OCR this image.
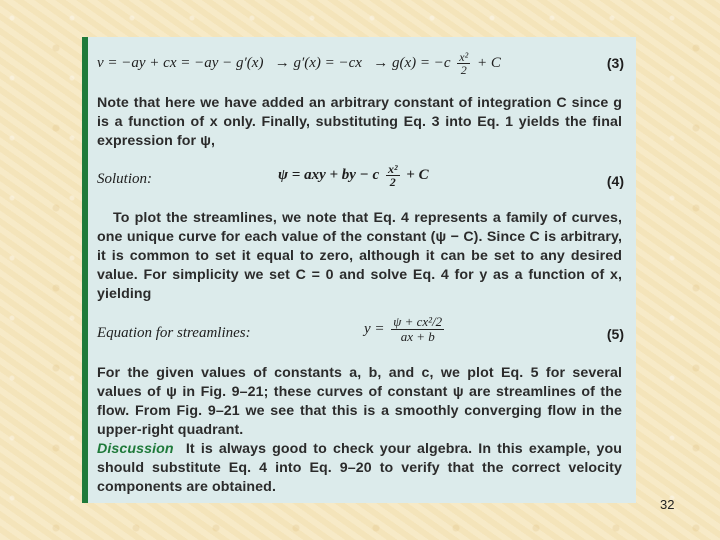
v = −ay + cx = $-ay - g'(x) \to g'(x) = -cx \to g(x) = -c \frac{\text{x²}}{2} + C$	(3)

Note that here we have added an arbitrary constant of integration C since g is a function of x only. Finally, substituting Eq. 3 into Eq. 1 yields the final expression for ψ,

Solution:	ψ = axy + by − c $\frac{\text{x²}}{2} + C$	(4)

To plot the streamlines, we note that Eq. 4 represents a family of curves, one unique curve for each value of the constant (ψ − C). Since C is arbitrary, it is common to set it equal to zero, although it can be set to any desired value. For simplicity we set C = 0 and solve Eq. 4 for y as a function of x, yielding

Equation for streamlines:	$y = \frac{\text{ψ + cx²/2}}{ax + b}$	(5)

For the given values of constants a, b, and c, we plot Eq. 5 for several values of ψ in Fig. 9–21; these curves of constant ψ are streamlines of the flow. From Fig. 9–21 we see that this is a smoothly converging flow in the upper-right quadrant.

Discussion It is always good to check your algebra. In this example, you should substitute Eq. 4 into Eq. 9–20 to verify that the correct velocity components are obtained.

32
